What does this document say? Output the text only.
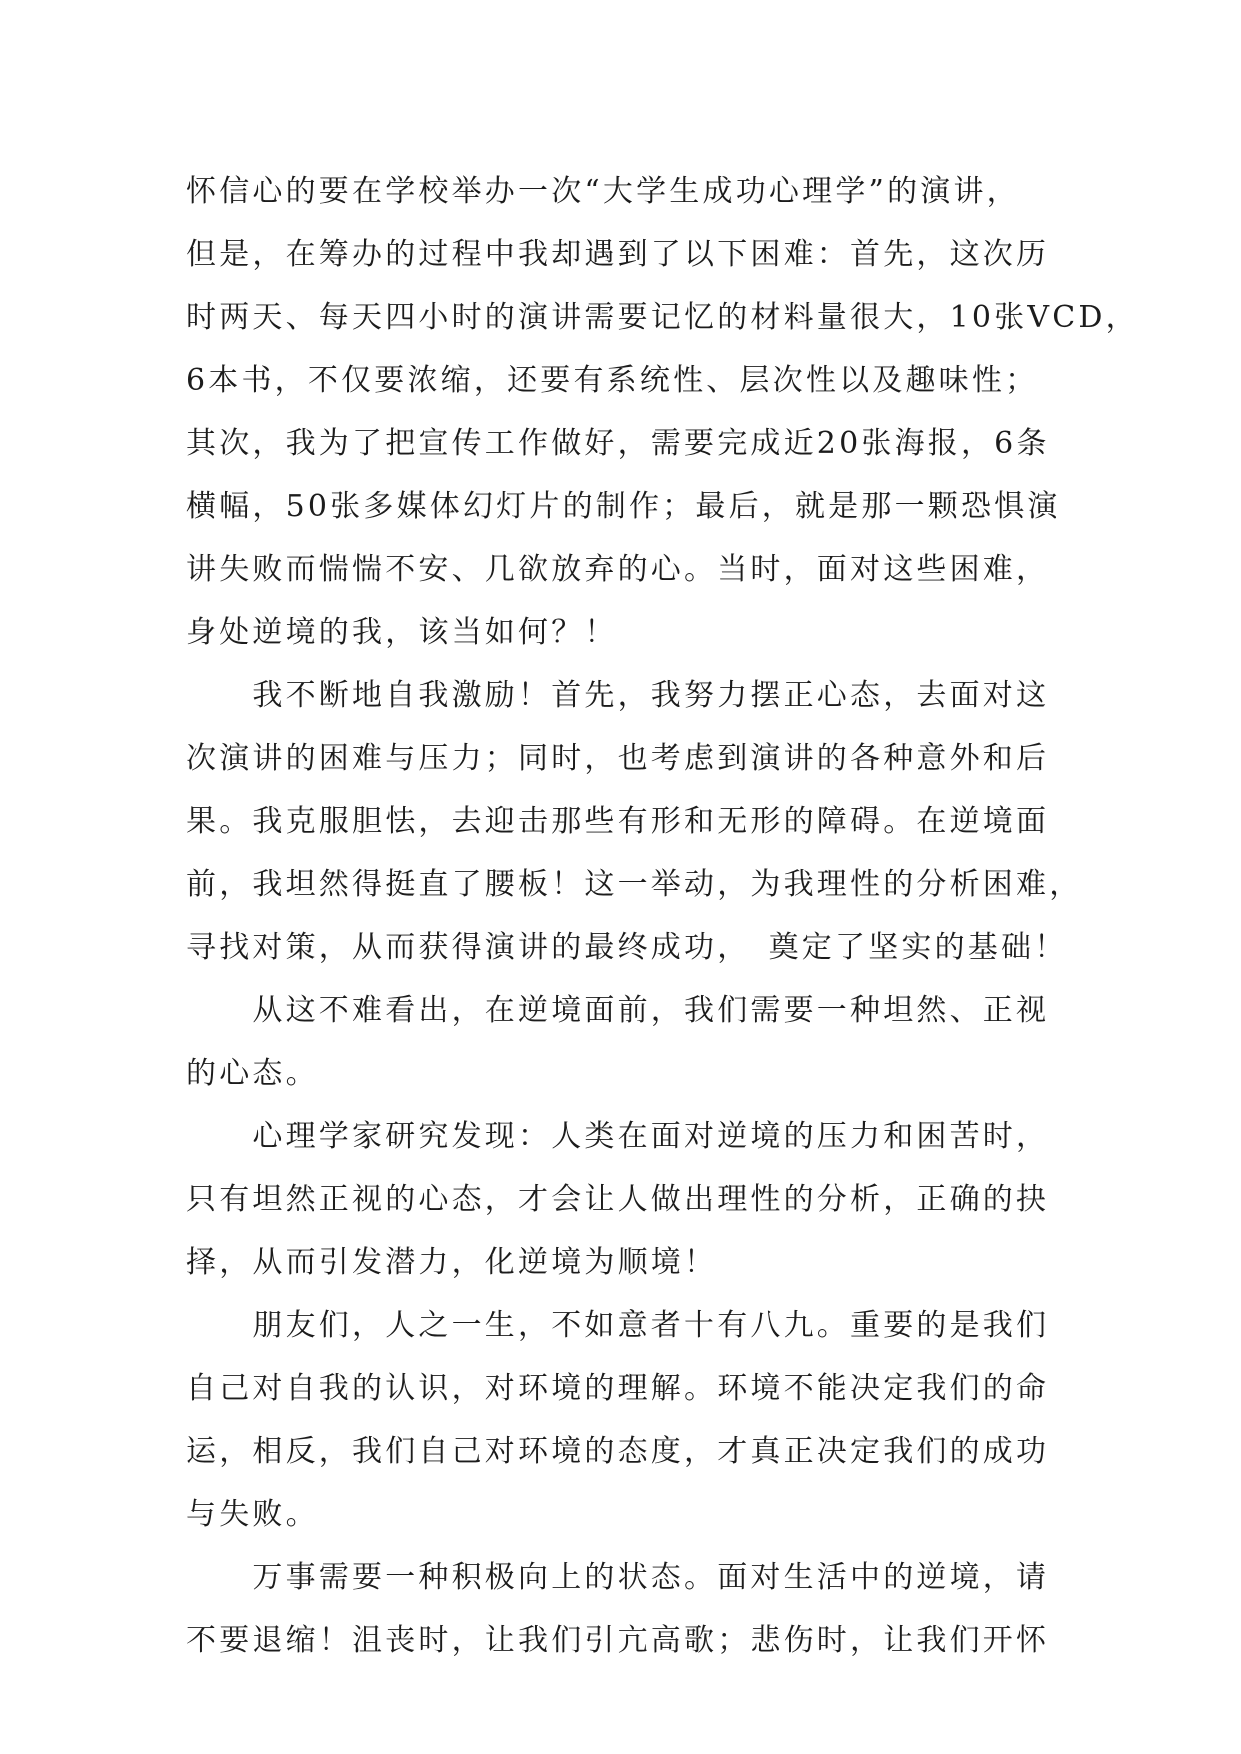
怀信心的要在学校举办一次“大学生成功心理学”的演讲，
但是，在筹办的过程中我却遇到了以下困难：首先，这次历
时两天、每天四小时的演讲需要记忆的材料量很大，10张VCD，
6本书，不仅要浓缩，还要有系统性、层次性以及趣味性；
其次，我为了把宣传工作做好，需要完成近20张海报，6条
横幅，50张多媒体幻灯片的制作；最后，就是那一颗恐惧演
讲失败而惴惴不安、几欲放弃的心。当时，面对这些困难，
身处逆境的我，该当如何？！
　　我不断地自我激励！首先，我努力摆正心态，去面对这
次演讲的困难与压力；同时，也考虑到演讲的各种意外和后
果。我克服胆怯，去迎击那些有形和无形的障碍。在逆境面
前，我坦然得挺直了腰板！这一举动，为我理性的分析困难，
寻找对策，从而获得演讲的最终成功，　奠定了坚实的基础！
　　从这不难看出，在逆境面前，我们需要一种坦然、正视
的心态。
　　心理学家研究发现：人类在面对逆境的压力和困苦时，
只有坦然正视的心态，才会让人做出理性的分析，正确的抉
择，从而引发潜力，化逆境为顺境！
　　朋友们，人之一生，不如意者十有八九。重要的是我们
自己对自我的认识，对环境的理解。环境不能决定我们的命
运，相反，我们自己对环境的态度，才真正决定我们的成功
与失败。
　　万事需要一种积极向上的状态。面对生活中的逆境，请
不要退缩！沮丧时，让我们引亢高歌；悲伤时，让我们开怀
